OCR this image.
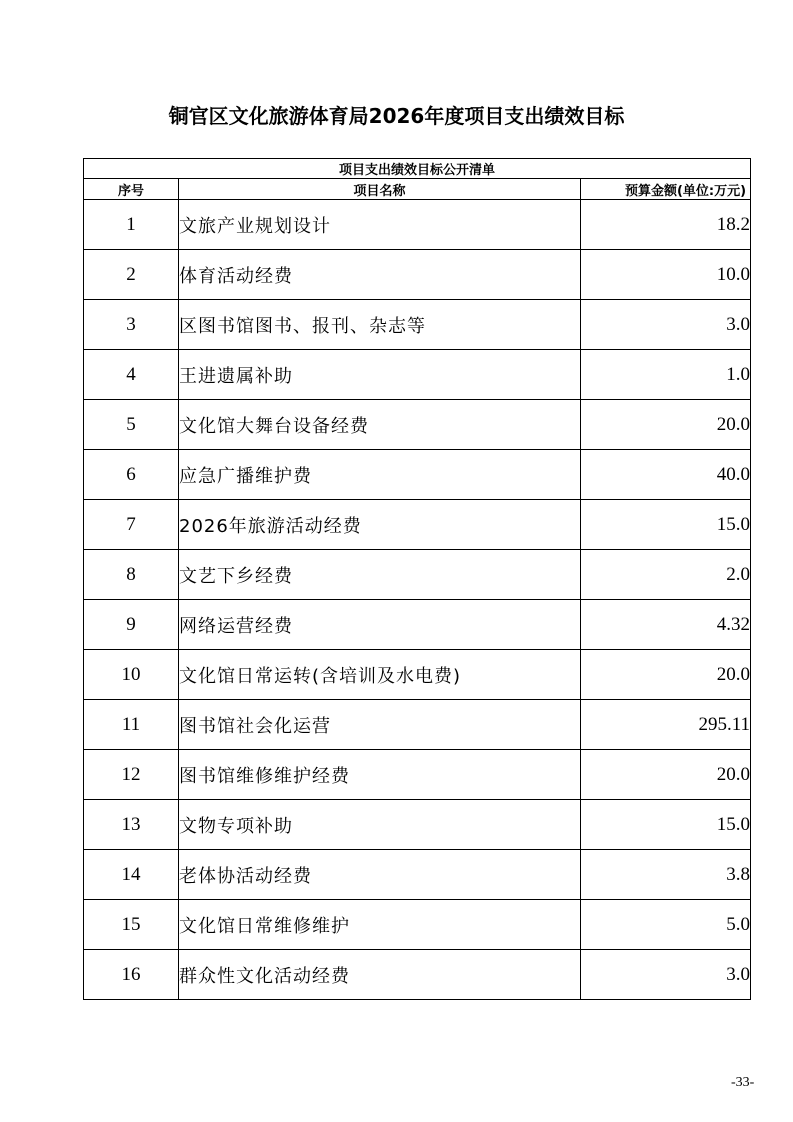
铜官区文化旅游体育局2026年度项目支出绩效目标
项目支出绩效目标公开清单		
序号	项目名称	预算金额(单位:万元)
1	文旅产业规划设计	18.2
2	体育活动经费	10.0
3	区图书馆图书、报刊、杂志等	3.0
4	王进遗属补助	1.0
5	文化馆大舞台设备经费	20.0
6	应急广播维护费	40.0
7	2026年旅游活动经费	15.0
8	文艺下乡经费	2.0
9	网络运营经费	4.32
10	文化馆日常运转(含培训及水电费)	20.0
11	图书馆社会化运营	295.11
12	图书馆维修维护经费	20.0
13	文物专项补助	15.0
14	老体协活动经费	3.8
15	文化馆日常维修维护	5.0
16	群众性文化活动经费	3.0
-33-
